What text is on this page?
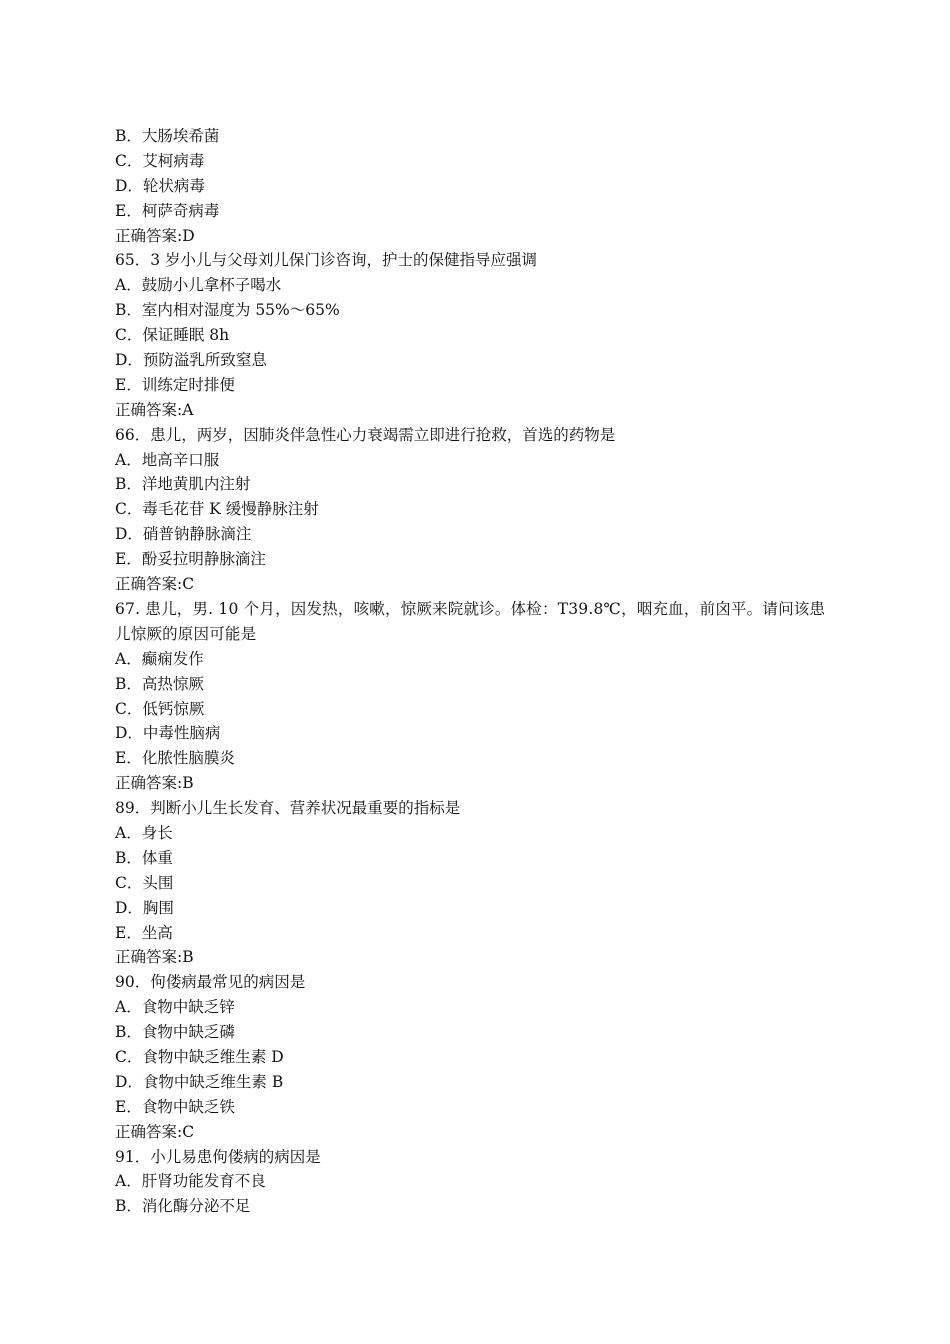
B．大肠埃希菌
C．艾柯病毒
D．轮状病毒
E．柯萨奇病毒
正确答案:D
65．3 岁小儿与父母刘儿保门诊咨询，护士的保健指导应强调
A．鼓励小儿拿杯子喝水
B．室内相对湿度为 55%～65%
C．保证睡眠 8h
D．预防溢乳所致窒息
E．训练定时排便
正确答案:A
66．患儿，两岁，因肺炎伴急性心力衰竭需立即进行抢救，首选的药物是
A．地高辛口服
B．洋地黄肌内注射
C．毒毛花苷 K 缓慢静脉注射
D．硝普钠静脉滴注
E．酚妥拉明静脉滴注
正确答案:C
67. 患儿，男. 10 个月，因发热，咳嗽，惊厥来院就诊。体检：T39.8℃，咽充血，前囟平。请问该患儿惊厥的原因可能是
A．癫痫发作
B．高热惊厥
C．低钙惊厥
D．中毒性脑病
E．化脓性脑膜炎
正确答案:B
89．判断小儿生长发育、营养状况最重要的指标是
A．身长
B．体重
C．头围
D．胸围
E．坐高
正确答案:B
90．佝偻病最常见的病因是
A．食物中缺乏锌
B．食物中缺乏磷
C．食物中缺乏维生素 D
D．食物中缺乏维生素 B
E．食物中缺乏铁
正确答案:C
91．小儿易患佝偻病的病因是
A．肝肾功能发育不良
B．消化酶分泌不足
